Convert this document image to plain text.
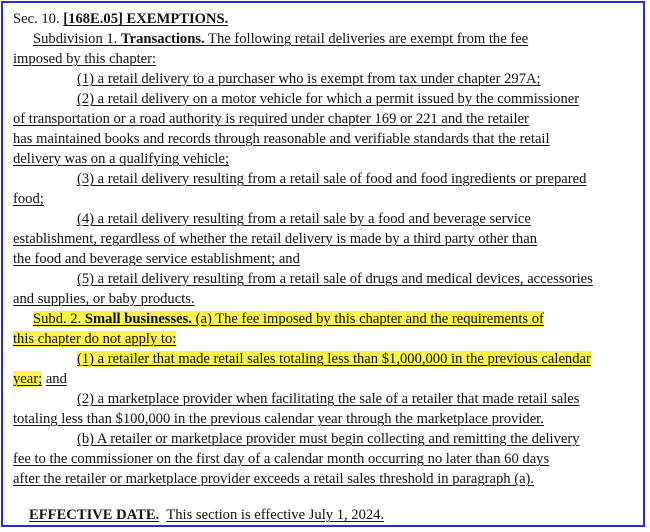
Sec. 10. [168E.05] EXEMPTIONS.
Subdivision 1. Transactions. The following retail deliveries are exempt from the fee
imposed by this chapter:
(1) a retail delivery to a purchaser who is exempt from tax under chapter 297A;
(2) a retail delivery on a motor vehicle for which a permit issued by the commissioner
of transportation or a road authority is required under chapter 169 or 221 and the retailer
has maintained books and records through reasonable and verifiable standards that the retail
delivery was on a qualifying vehicle;
(3) a retail delivery resulting from a retail sale of food and food ingredients or prepared
food;
(4) a retail delivery resulting from a retail sale by a food and beverage service
establishment, regardless of whether the retail delivery is made by a third party other than
the food and beverage service establishment; and
(5) a retail delivery resulting from a retail sale of drugs and medical devices, accessories
and supplies, or baby products.
Subd. 2. Small businesses. (a) The fee imposed by this chapter and the requirements of
this chapter do not apply to:
(1) a retailer that made retail sales totaling less than $1,000,000 in the previous calendar
year; and
(2) a marketplace provider when facilitating the sale of a retailer that made retail sales
totaling less than $100,000 in the previous calendar year through the marketplace provider.
(b) A retailer or marketplace provider must begin collecting and remitting the delivery
fee to the commissioner on the first day of a calendar month occurring no later than 60 days
after the retailer or marketplace provider exceeds a retail sales threshold in paragraph (a).
EFFECTIVE DATE. This section is effective July 1, 2024.
